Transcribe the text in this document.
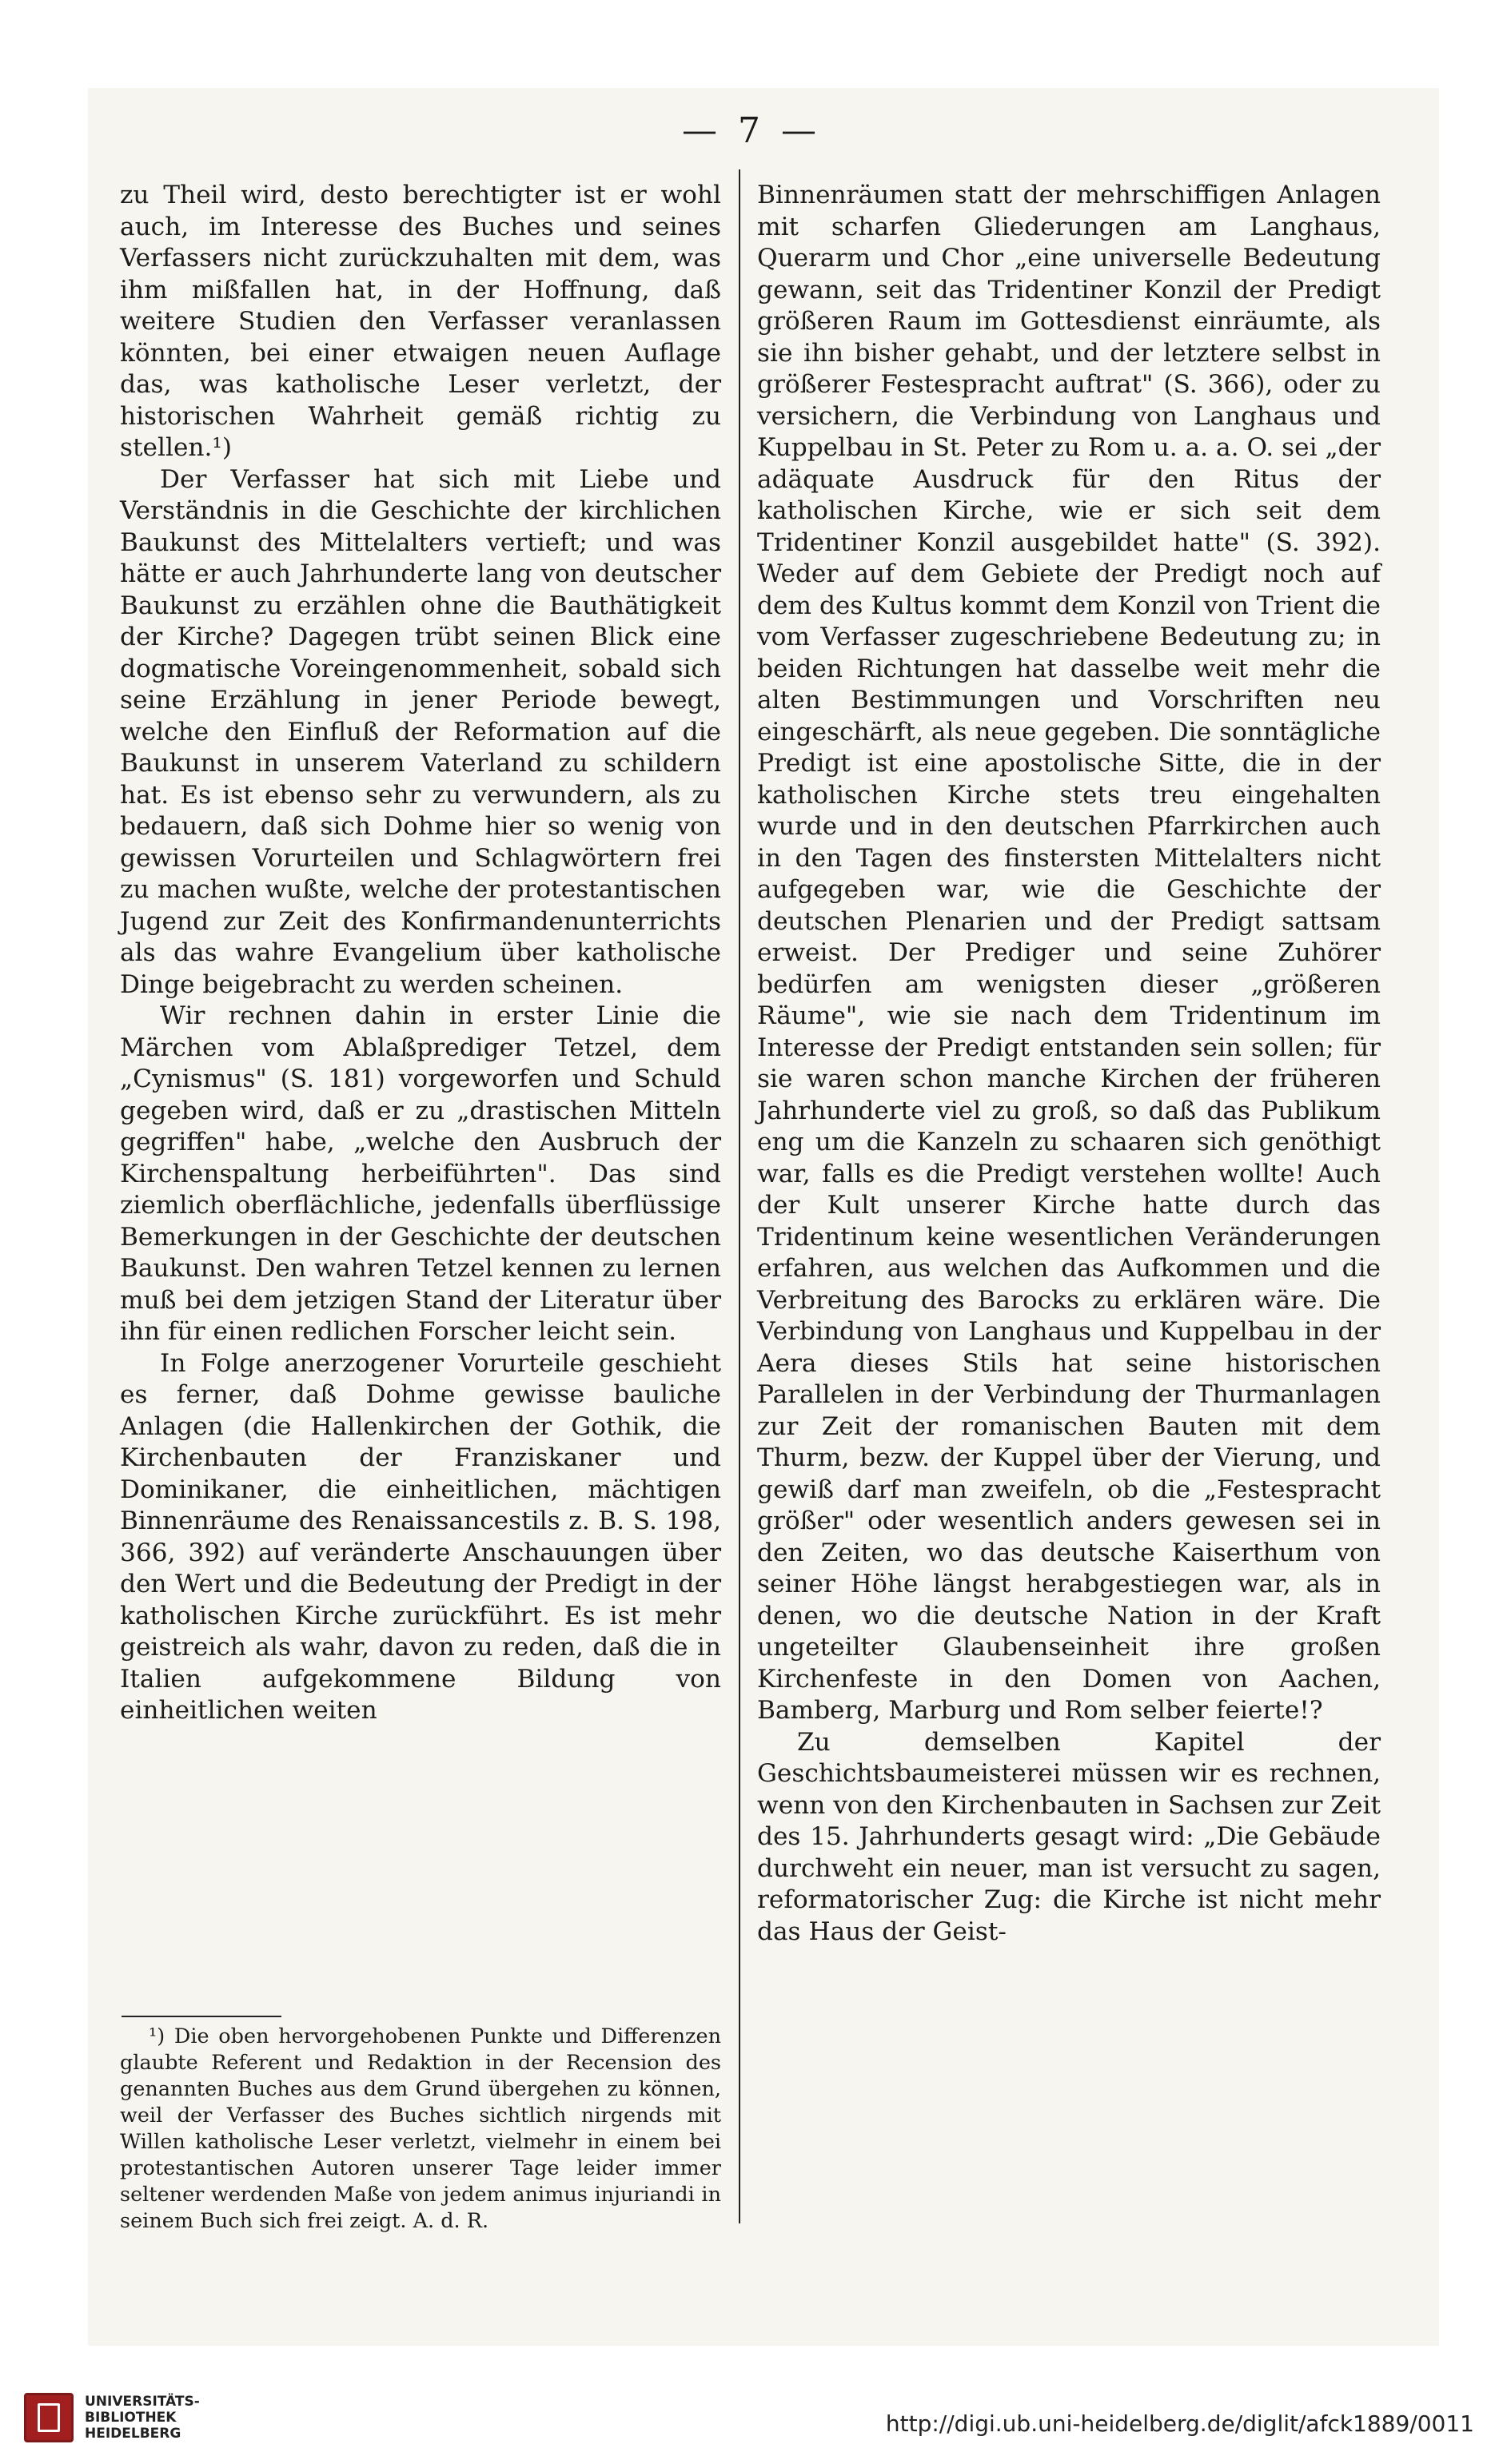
— 7 —

zu Theil wird, desto berechtigter ist er wohl auch, im Interesse des Buches und seines Verfassers nicht zurückzuhalten mit dem, was ihm mißfallen hat, in der Hoffnung, daß weitere Studien den Verfasser veranlassen könnten, bei einer etwaigen neuen Auflage das, was katholische Leser verletzt, der historischen Wahrheit gemäß richtig zu stellen.¹)

Der Verfasser hat sich mit Liebe und Verständnis in die Geschichte der kirchlichen Baukunst des Mittelalters vertieft; und was hätte er auch Jahrhunderte lang von deutscher Baukunst zu erzählen ohne die Bauthätigkeit der Kirche? Dagegen trübt seinen Blick eine dogmatische Voreingenommenheit, sobald sich seine Erzählung in jener Periode bewegt, welche den Einfluß der Reformation auf die Baukunst in unserem Vaterland zu schildern hat. Es ist ebenso sehr zu verwundern, als zu bedauern, daß sich Dohme hier so wenig von gewissen Vorurteilen und Schlagwörtern frei zu machen wußte, welche der protestantischen Jugend zur Zeit des Konfirmandenunterrichts als das wahre Evangelium über katholische Dinge beigebracht zu werden scheinen.

Wir rechnen dahin in erster Linie die Märchen vom Ablaßprediger Tetzel, dem „Cynismus" (S. 181) vorgeworfen und Schuld gegeben wird, daß er zu „drastischen Mitteln gegriffen" habe, „welche den Ausbruch der Kirchenspaltung herbeiführten". Das sind ziemlich oberflächliche, jedenfalls überflüssige Bemerkungen in der Geschichte der deutschen Baukunst. Den wahren Tetzel kennen zu lernen muß bei dem jetzigen Stand der Literatur über ihn für einen redlichen Forscher leicht sein.

In Folge anerzogener Vorurteile geschieht es ferner, daß Dohme gewisse bauliche Anlagen (die Hallenkirchen der Gothik, die Kirchenbauten der Franziskaner und Dominikaner, die einheitlichen, mächtigen Binnenräume des Renaissancestils z. B. S. 198, 366, 392) auf veränderte Anschauungen über den Wert und die Bedeutung der Predigt in der katholischen Kirche zurückführt. Es ist mehr geistreich als wahr, davon zu reden, daß die in Italien aufgekommene Bildung von einheitlichen weiten

¹) Die oben hervorgehobenen Punkte und Differenzen glaubte Referent und Redaktion in der Recension des genannten Buches aus dem Grund übergehen zu können, weil der Verfasser des Buches sichtlich nirgends mit Willen katholische Leser verletzt, vielmehr in einem bei protestantischen Autoren unserer Tage leider immer seltener werdenden Maße von jedem animus injuriandi in seinem Buch sich frei zeigt. A. d. R.

Binnenräumen statt der mehrschiffigen Anlagen mit scharfen Gliederungen am Langhaus, Querarm und Chor „eine universelle Bedeutung gewann, seit das Tridentiner Konzil der Predigt größeren Raum im Gottesdienst einräumte, als sie ihn bisher gehabt, und der letztere selbst in größerer Festespracht auftrat" (S. 366), oder zu versichern, die Verbindung von Langhaus und Kuppelbau in St. Peter zu Rom u. a. a. O. sei „der adäquate Ausdruck für den Ritus der katholischen Kirche, wie er sich seit dem Tridentiner Konzil ausgebildet hatte" (S. 392). Weder auf dem Gebiete der Predigt noch auf dem des Kultus kommt dem Konzil von Trient die vom Verfasser zugeschriebene Bedeutung zu; in beiden Richtungen hat dasselbe weit mehr die alten Bestimmungen und Vorschriften neu eingeschärft, als neue gegeben. Die sonntägliche Predigt ist eine apostolische Sitte, die in der katholischen Kirche stets treu eingehalten wurde und in den deutschen Pfarrkirchen auch in den Tagen des finstersten Mittelalters nicht aufgegeben war, wie die Geschichte der deutschen Plenarien und der Predigt sattsam erweist. Der Prediger und seine Zuhörer bedürfen am wenigsten dieser „größeren Räume", wie sie nach dem Tridentinum im Interesse der Predigt entstanden sein sollen; für sie waren schon manche Kirchen der früheren Jahrhunderte viel zu groß, so daß das Publikum eng um die Kanzeln zu schaaren sich genöthigt war, falls es die Predigt verstehen wollte! Auch der Kult unserer Kirche hatte durch das Tridentinum keine wesentlichen Veränderungen erfahren, aus welchen das Aufkommen und die Verbreitung des Barocks zu erklären wäre. Die Verbindung von Langhaus und Kuppelbau in der Aera dieses Stils hat seine historischen Parallelen in der Verbindung der Thurmanlagen zur Zeit der romanischen Bauten mit dem Thurm, bezw. der Kuppel über der Vierung, und gewiß darf man zweifeln, ob die „Festespracht größer" oder wesentlich anders gewesen sei in den Zeiten, wo das deutsche Kaiserthum von seiner Höhe längst herabgestiegen war, als in denen, wo die deutsche Nation in der Kraft ungeteilter Glaubenseinheit ihre großen Kirchenfeste in den Domen von Aachen, Bamberg, Marburg und Rom selber feierte!?

Zu demselben Kapitel der Geschichtsbaumeisterei müssen wir es rechnen, wenn von den Kirchenbauten in Sachsen zur Zeit des 15. Jahrhunderts gesagt wird: „Die Gebäude durchweht ein neuer, man ist versucht zu sagen, reformatorischer Zug: die Kirche ist nicht mehr das Haus der Geist-

UNIVERSITÄTS-
BIBLIOTHEK
HEIDELBERG	http://digi.ub.uni-heidelberg.de/diglit/afck1889/0011
